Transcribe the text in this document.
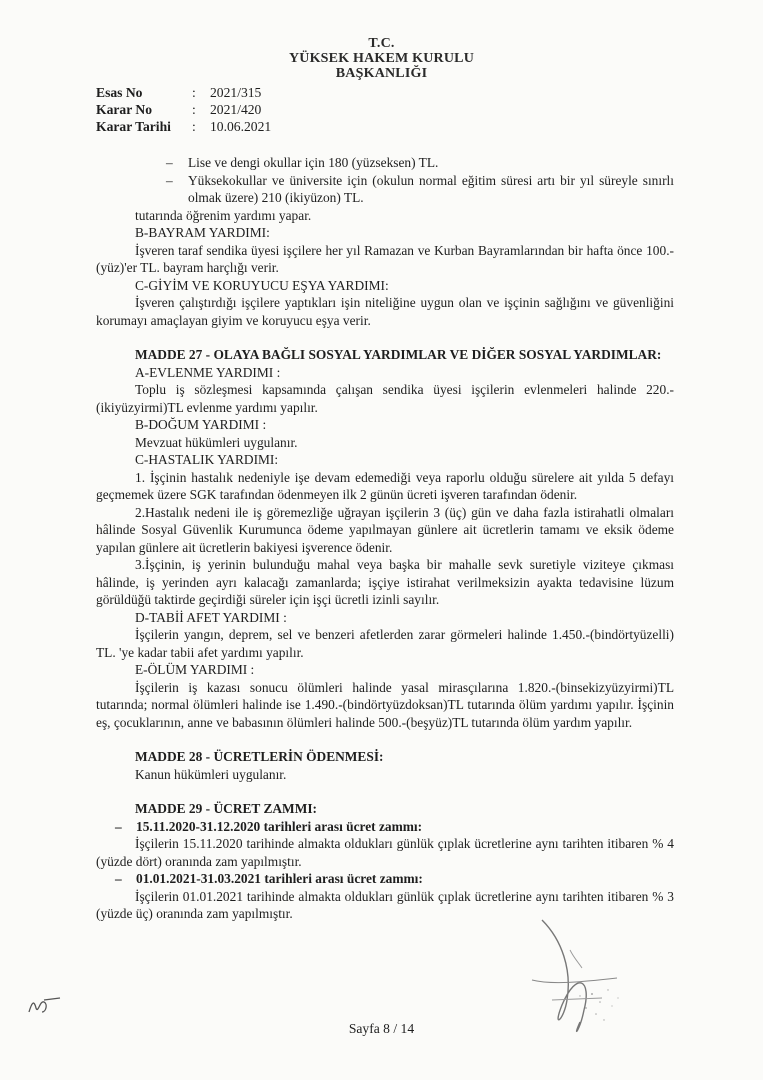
T.C.
YÜKSEK HAKEM KURULU
BAŞKANLIĞI
Esas No	:	2021/315
Karar No	:	2021/420
Karar Tarihi	:	10.06.2021
–	Lise ve dengi okullar için 180 (yüzseksen) TL.
–	Yüksekokullar ve üniversite için (okulun normal eğitim süresi artı bir yıl süreyle sınırlı olmak üzere) 210 (ikiyüzon) TL.

tutarında öğrenim yardımı yapar.

B-BAYRAM YARDIMI:

İşveren taraf sendika üyesi işçilere her yıl Ramazan ve Kurban Bayramlarından bir hafta önce 100.-(yüz)'er TL. bayram harçlığı verir.

C-GİYİM VE KORUYUCU EŞYA YARDIMI:

İşveren çalıştırdığı işçilere yaptıkları işin niteliğine uygun olan ve işçinin sağlığını ve güvenliğini korumayı amaçlayan giyim ve koruyucu eşya verir.

MADDE 27 - OLAYA BAĞLI SOSYAL YARDIMLAR VE DİĞER SOSYAL YARDIMLAR:

A-EVLENME YARDIMI :

Toplu iş sözleşmesi kapsamında çalışan sendika üyesi işçilerin evlenmeleri halinde 220.-(ikiyüzyirmi)TL evlenme yardımı yapılır.

B-DOĞUM YARDIMI :

Mevzuat hükümleri uygulanır.

C-HASTALIK YARDIMI:

1. İşçinin hastalık nedeniyle işe devam edemediği veya raporlu olduğu sürelere ait yılda 5 defayı geçmemek üzere SGK tarafından ödenmeyen ilk 2 günün ücreti işveren tarafından ödenir.

2.Hastalık nedeni ile iş göremezliğe uğrayan işçilerin 3 (üç) gün ve daha fazla istirahatli olmaları hâlinde Sosyal Güvenlik Kurumunca ödeme yapılmayan günlere ait ücretlerin tamamı ve eksik ödeme yapılan günlere ait ücretlerin bakiyesi işverence ödenir.

3.İşçinin, iş yerinin bulunduğu mahal veya başka bir mahalle sevk suretiyle viziteye çıkması hâlinde, iş yerinden ayrı kalacağı zamanlarda; işçiye istirahat verilmeksizin ayakta tedavisine lüzum görüldüğü taktirde geçirdiği süreler için işçi ücretli izinli sayılır.

D-TABİİ AFET YARDIMI :

İşçilerin yangın, deprem, sel ve benzeri afetlerden zarar görmeleri halinde 1.450.-(bindörtyüzelli) TL. 'ye kadar tabii afet yardımı yapılır.

E-ÖLÜM YARDIMI :

İşçilerin iş kazası sonucu ölümleri halinde yasal mirasçılarına 1.820.-(binsekizyüzyirmi)TL tutarında; normal ölümleri halinde ise 1.490.-(bindörtyüzdoksan)TL tutarında ölüm yardımı yapılır. İşçinin eş, çocuklarının, anne ve babasının ölümleri halinde 500.-(beşyüz)TL tutarında ölüm yardım yapılır.

MADDE 28 - ÜCRETLERİN ÖDENMESİ:

Kanun hükümleri uygulanır.

MADDE 29 - ÜCRET ZAMMI:

–	15.11.2020-31.12.2020 tarihleri arası ücret zammı:

İşçilerin 15.11.2020 tarihinde almakta oldukları günlük çıplak ücretlerine aynı tarihten itibaren % 4 (yüzde dört) oranında zam yapılmıştır.

–	01.01.2021-31.03.2021 tarihleri arası ücret zammı:

İşçilerin 01.01.2021 tarihinde almakta oldukları günlük çıplak ücretlerine aynı tarihten itibaren % 3 (yüzde üç) oranında zam yapılmıştır.

Sayfa 8 / 14
